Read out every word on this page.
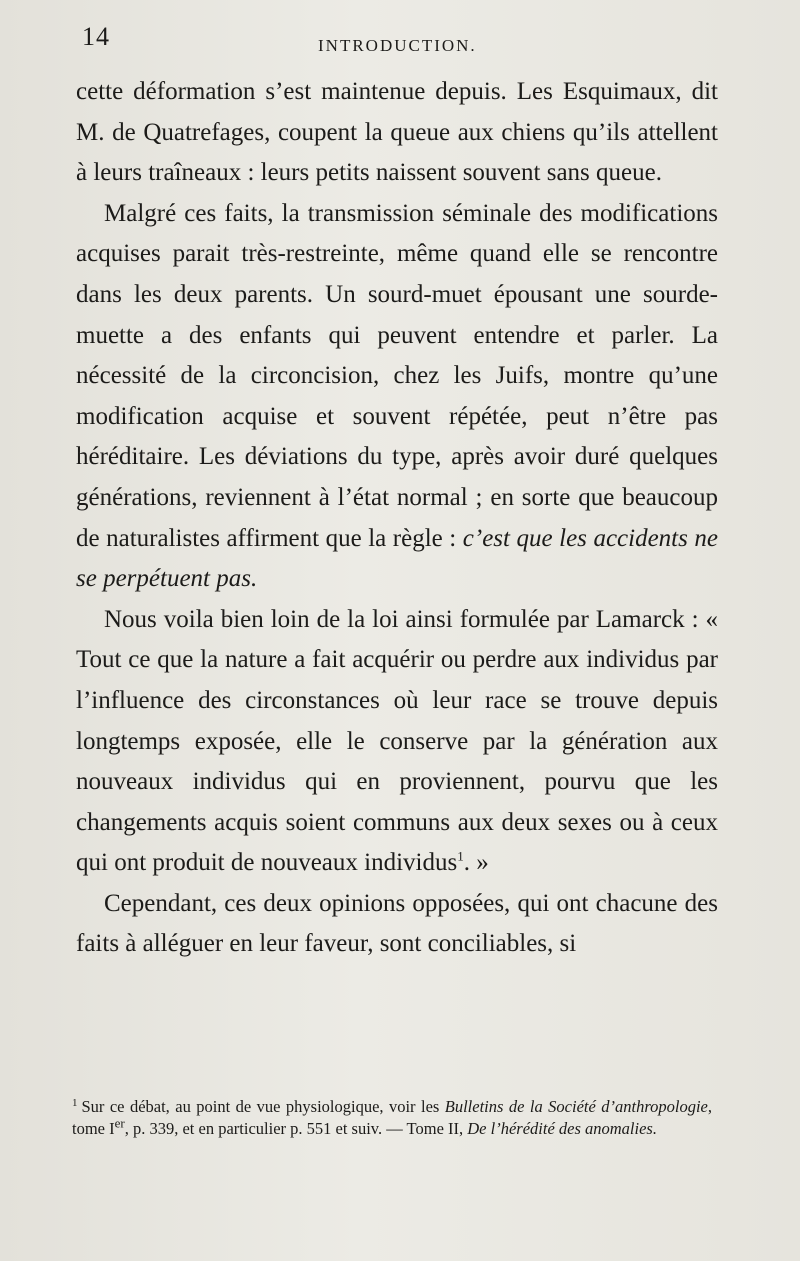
14	INTRODUCTION.

cette déformation s’est maintenue depuis. Les Esquimaux, dit M. de Quatrefages, coupent la queue aux chiens qu’ils attellent à leurs traîneaux : leurs petits naissent souvent sans queue.

Malgré ces faits, la transmission séminale des modifications acquises parait très-restreinte, même quand elle se rencontre dans les deux parents. Un sourd-muet épousant une sourde-muette a des enfants qui peuvent entendre et parler. La nécessité de la circoncision, chez les Juifs, montre qu’une modification acquise et souvent répétée, peut n’être pas héréditaire. Les déviations du type, après avoir duré quelques générations, reviennent à l’état normal ; en sorte que beaucoup de naturalistes affirment que la règle : c’est que les accidents ne se perpétuent pas.

Nous voila bien loin de la loi ainsi formulée par Lamarck : « Tout ce que la nature a fait acquérir ou perdre aux individus par l’influence des circonstances où leur race se trouve depuis longtemps exposée, elle le conserve par la génération aux nouveaux individus qui en proviennent, pourvu que les changements acquis soient communs aux deux sexes ou à ceux qui ont produit de nouveaux individus$^1$. »

Cependant, ces deux opinions opposées, qui ont chacune des faits à alléguer en leur faveur, sont conciliables, si

$^1$ Sur ce débat, au point de vue physiologique, voir les Bulletins de la Société d’anthropologie, tome Ier, p. 339, et en particulier p. 551 et suiv. — Tome II, De l’hérédité des anomalies.
